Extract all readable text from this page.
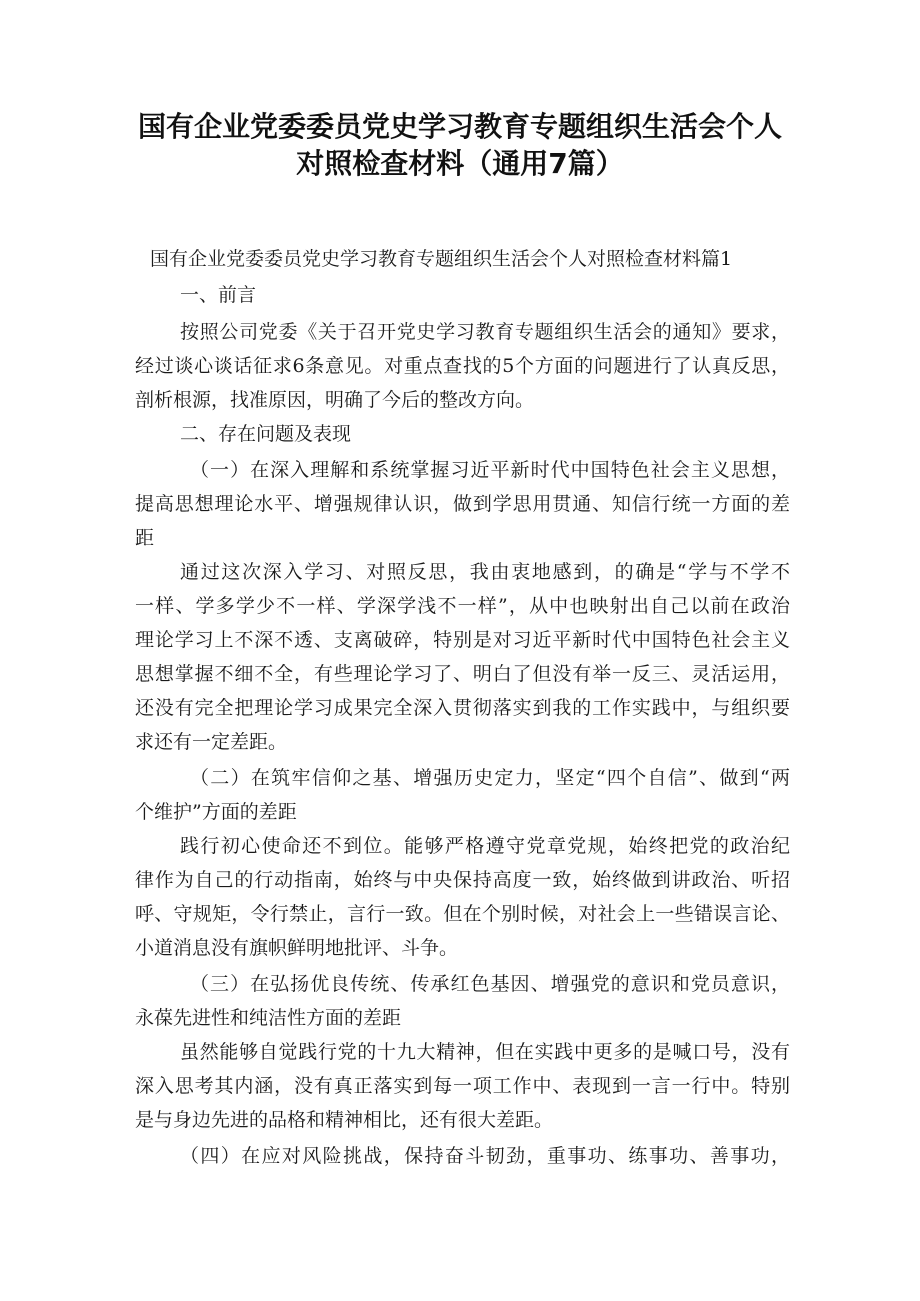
国有企业党委委员党史学习教育专题组织生活会个人
对照检查材料（通用7篇）
国有企业党委委员党史学习教育专题组织生活会个人对照检查材料篇1
一、前言
按照公司党委《关于召开党史学习教育专题组织生活会的通知》要求，
经过谈心谈话征求6条意见。对重点查找的5个方面的问题进行了认真反思，
剖析根源，找准原因，明确了今后的整改方向。
二、存在问题及表现
（一）在深入理解和系统掌握习近平新时代中国特色社会主义思想，
提高思想理论水平、增强规律认识，做到学思用贯通、知信行统一方面的差
距
通过这次深入学习、对照反思，我由衷地感到，的确是“学与不学不
一样、学多学少不一样、学深学浅不一样”，从中也映射出自己以前在政治
理论学习上不深不透、支离破碎，特别是对习近平新时代中国特色社会主义
思想掌握不细不全，有些理论学习了、明白了但没有举一反三、灵活运用，
还没有完全把理论学习成果完全深入贯彻落实到我的工作实践中，与组织要
求还有一定差距。
（二）在筑牢信仰之基、增强历史定力，坚定“四个自信”、做到“两
个维护”方面的差距
践行初心使命还不到位。能够严格遵守党章党规，始终把党的政治纪
律作为自己的行动指南，始终与中央保持高度一致，始终做到讲政治、听招
呼、守规矩，令行禁止，言行一致。但在个别时候，对社会上一些错误言论、
小道消息没有旗帜鲜明地批评、斗争。
（三）在弘扬优良传统、传承红色基因、增强党的意识和党员意识，
永葆先进性和纯洁性方面的差距
虽然能够自觉践行党的十九大精神，但在实践中更多的是喊口号，没有
深入思考其内涵，没有真正落实到每一项工作中、表现到一言一行中。特别
是与身边先进的品格和精神相比，还有很大差距。
（四）在应对风险挑战，保持奋斗韧劲，重事功、练事功、善事功，
